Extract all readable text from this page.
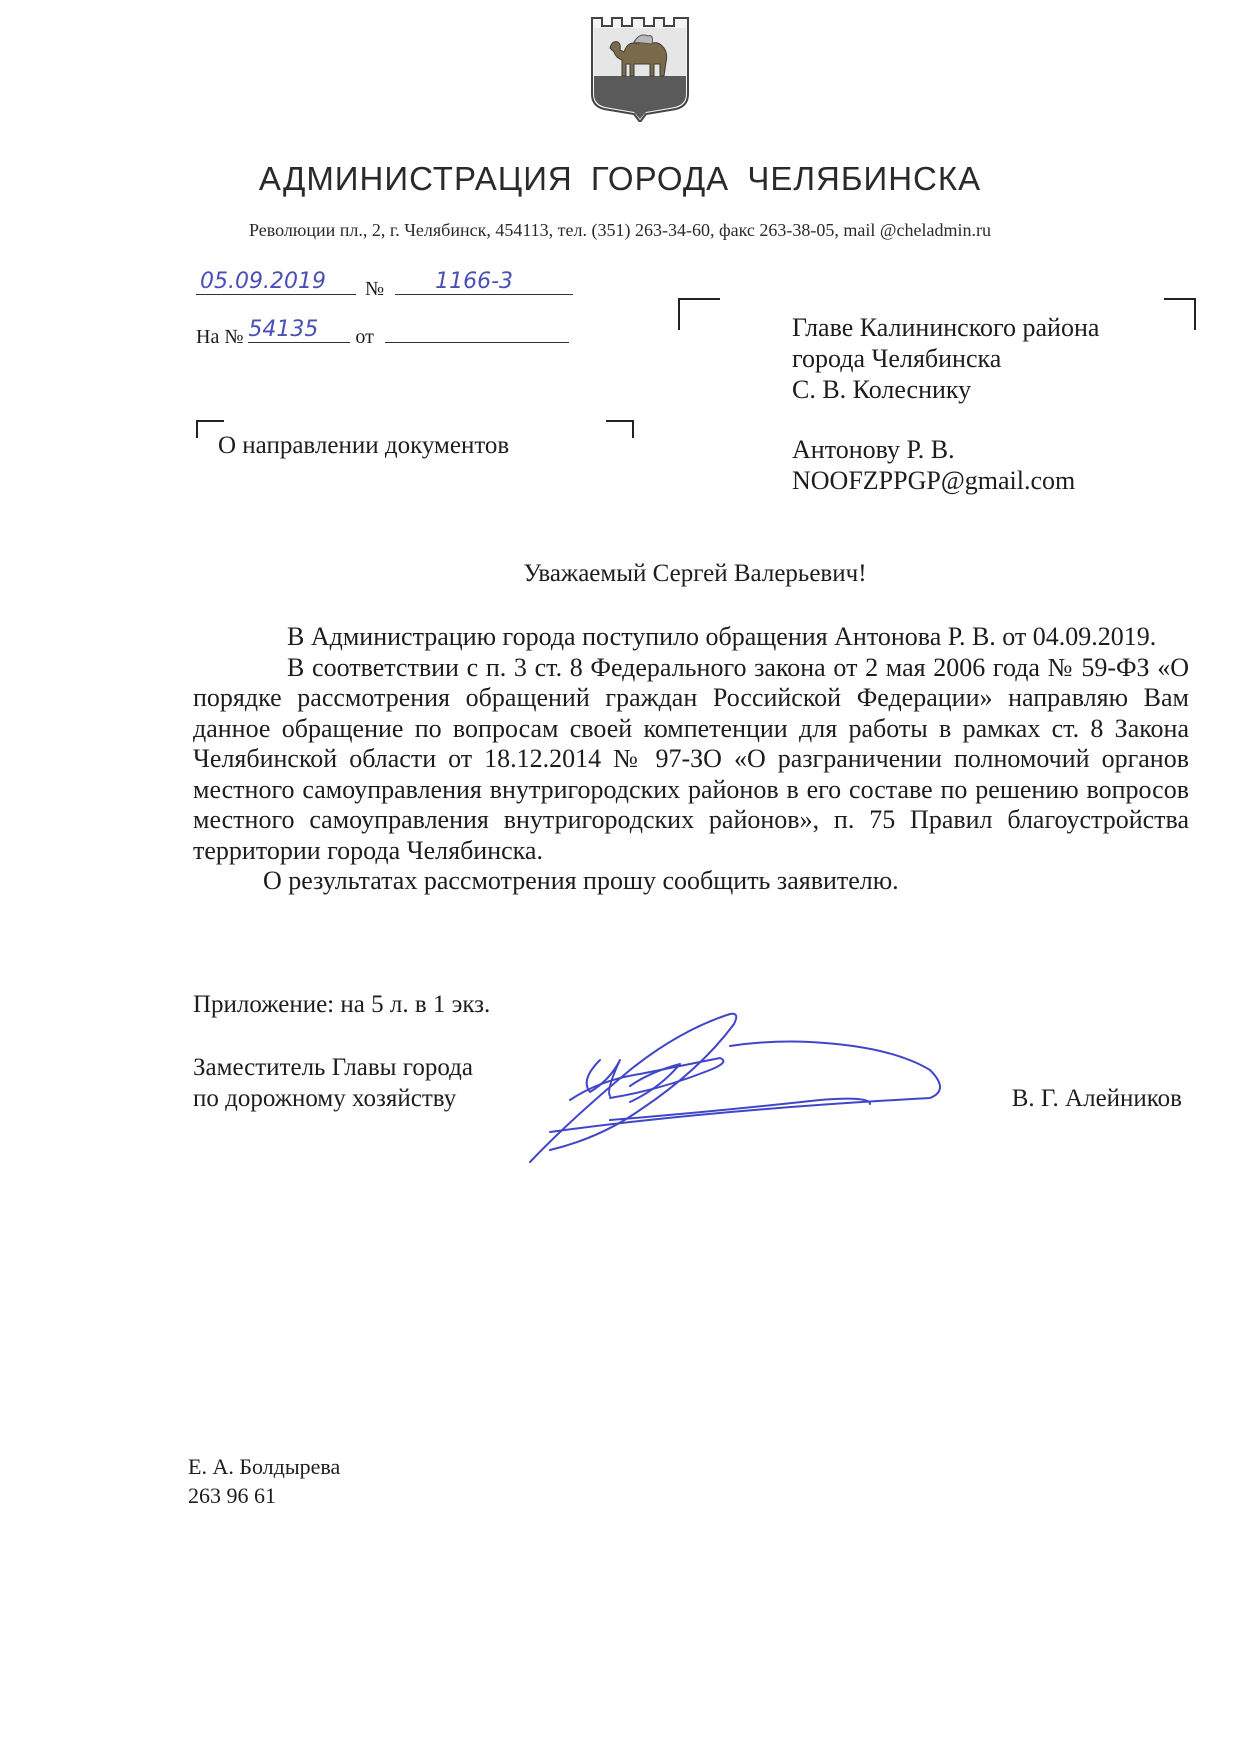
АДМИНИСТРАЦИЯ ГОРОДА ЧЕЛЯБИНСКА
Революции пл., 2, г. Челябинск, 454113, тел. (351) 263-34-60, факс 263-38-05, mail @cheladmin.ru
05.09.2019 № 1166-3
На № 54135 от
О направлении документов
Главе Калининского района
города Челябинска
С. В. Колеснику
Антонову Р. В.
NOOFZPPGP@gmail.com
Уважаемый Сергей Валерьевич!

В Администрацию города поступило обращения Антонова Р. В. от 04.09.2019.

В соответствии с п. 3 ст. 8 Федерального закона от 2 мая 2006 года № 59-ФЗ «О порядке рассмотрения обращений граждан Российской Федерации» направляю Вам данное обращение по вопросам своей компетенции для работы в рамках ст. 8 Закона Челябинской области от 18.12.2014 № 97-ЗО «О разграничении полномочий органов местного самоуправления внутригородских районов в его составе по решению вопросов местного самоуправления внутригородских районов», п. 75 Правил благоустройства территории города Челябинска.

О результатах рассмотрения прошу сообщить заявителю.

Приложение: на 5 л. в 1 экз.
Заместитель Главы города
по дорожному хозяйству	В. Г. Алейников
Е. А. Болдырева
263 96 61
